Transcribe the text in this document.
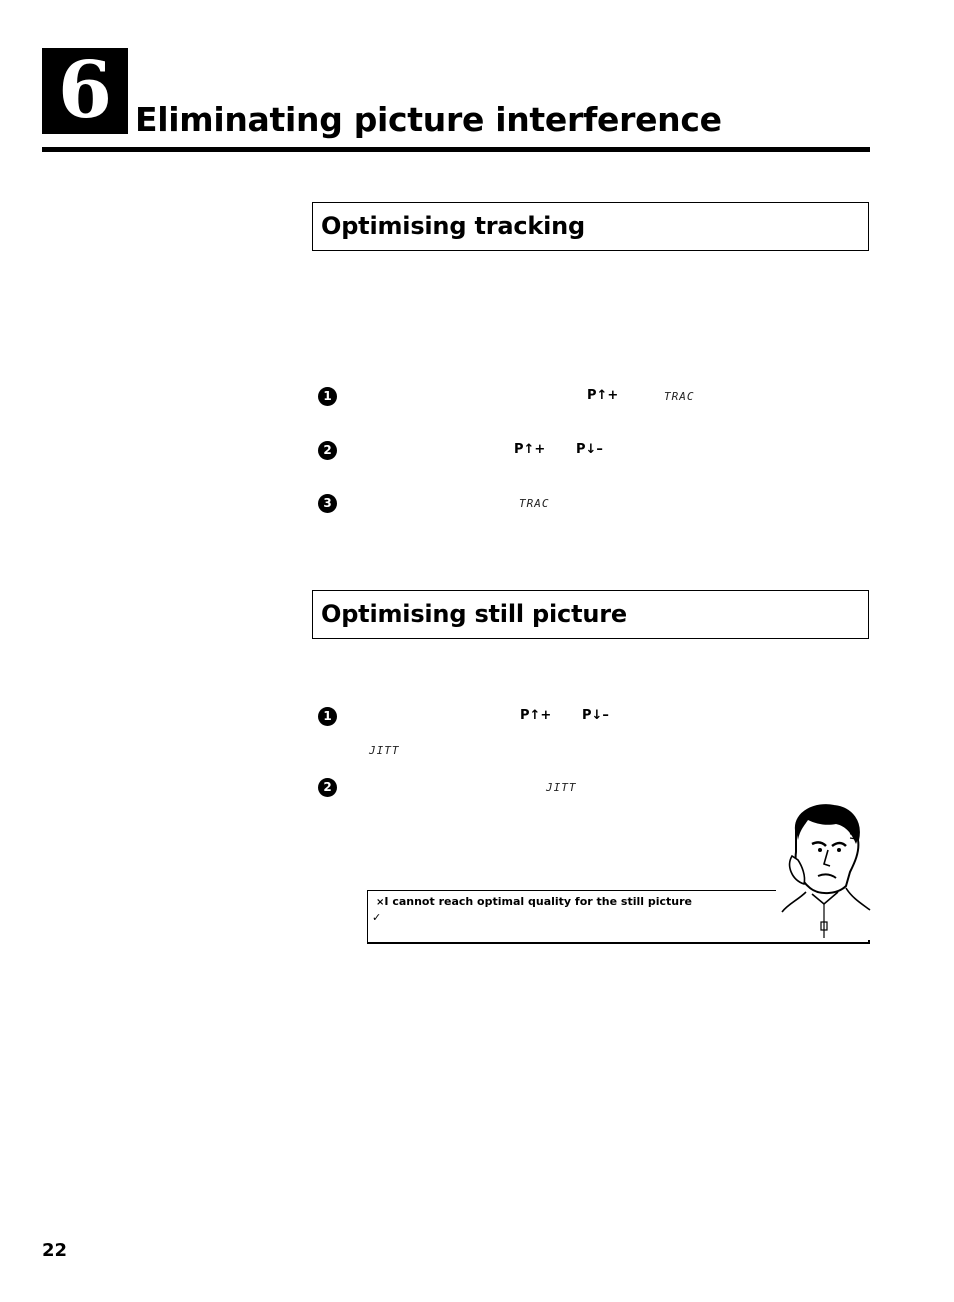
6 Eliminating picture interference
Optimising tracking
1	P↑+	TRAC
2	P↑+ P↓–
3	TRAC
Optimising still picture
1	P↑+ P↓–
JITT
2	JITT
×I cannot reach optimal quality for the still picture
✓
22
